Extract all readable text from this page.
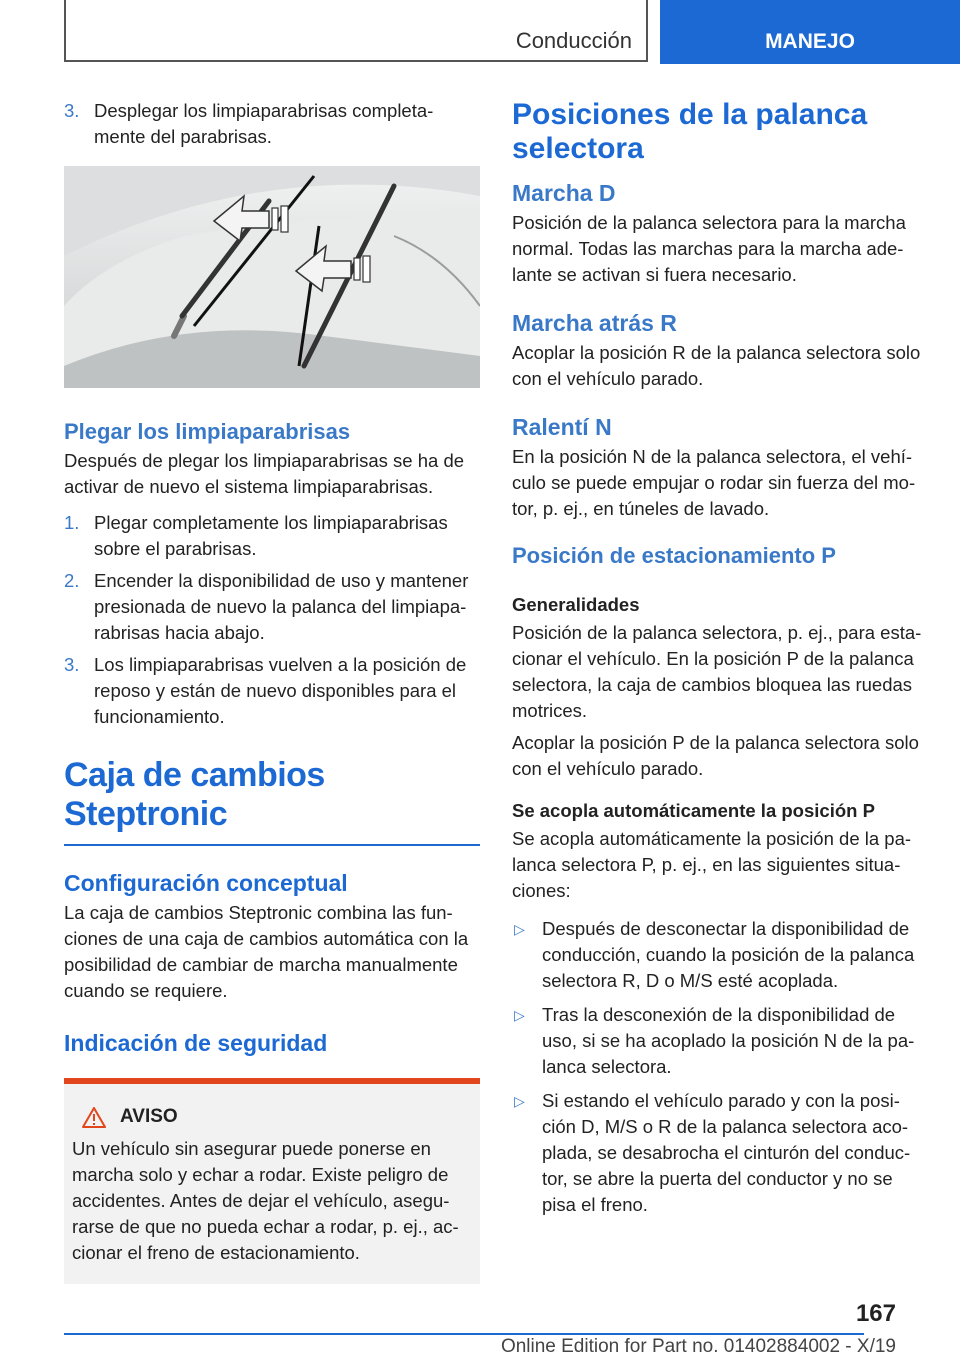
Conducción	MANEJO
3. Desplegar los limpiaparabrisas completa-mente del parabrisas.
Plegar los limpiaparabrisas

Después de plegar los limpiaparabrisas se ha de activar de nuevo el sistema limpiaparabrisas.

1. Plegar completamente los limpiaparabrisas sobre el parabrisas.
2. Encender la disponibilidad de uso y mantener presionada de nuevo la palanca del limpiapa-rabrisas hacia abajo.
3. Los limpiaparabrisas vuelven a la posición de reposo y están de nuevo disponibles para el funcionamiento.
Caja de cambios Steptronic
Configuración conceptual

La caja de cambios Steptronic combina las fun-ciones de una caja de cambios automática con la posibilidad de cambiar de marcha manualmente cuando se requiere.

Indicación de seguridad
AVISO

Un vehículo sin asegurar puede ponerse en marcha solo y echar a rodar. Existe peligro de accidentes. Antes de dejar el vehículo, asegu-rarse de que no pueda echar a rodar, p. ej., ac-cionar el freno de estacionamiento.

Posiciones de la palanca selectora
Marcha D

Posición de la palanca selectora para la marcha normal. Todas las marchas para la marcha ade-lante se activan si fuera necesario.

Marcha atrás R

Acoplar la posición R de la palanca selectora solo con el vehículo parado.

Ralentí N

En la posición N de la palanca selectora, el vehí-culo se puede empujar o rodar sin fuerza del mo-tor, p. ej., en túneles de lavado.

Posición de estacionamiento P
Generalidades

Posición de la palanca selectora, p. ej., para esta-cionar el vehículo. En la posición P de la palanca selectora, la caja de cambios bloquea las ruedas motrices.

Acoplar la posición P de la palanca selectora solo con el vehículo parado.

Se acopla automáticamente la posición P

Se acopla automáticamente la posición de la pa-lanca selectora P, p. ej., en las siguientes situa-ciones:

▷ Después de desconectar la disponibilidad de conducción, cuando la posición de la palanca selectora R, D o M/S esté acoplada.
▷ Tras la desconexión de la disponibilidad de uso, si se ha acoplado la posición N de la pa-lanca selectora.
▷ Si estando el vehículo parado y con la posi-ción D, M/S o R de la palanca selectora aco-plada, se desabrocha el cinturón del conduc-tor, se abre la puerta del conductor y no se pisa el freno.
167
Online Edition for Part no. 01402884002 - X/19
